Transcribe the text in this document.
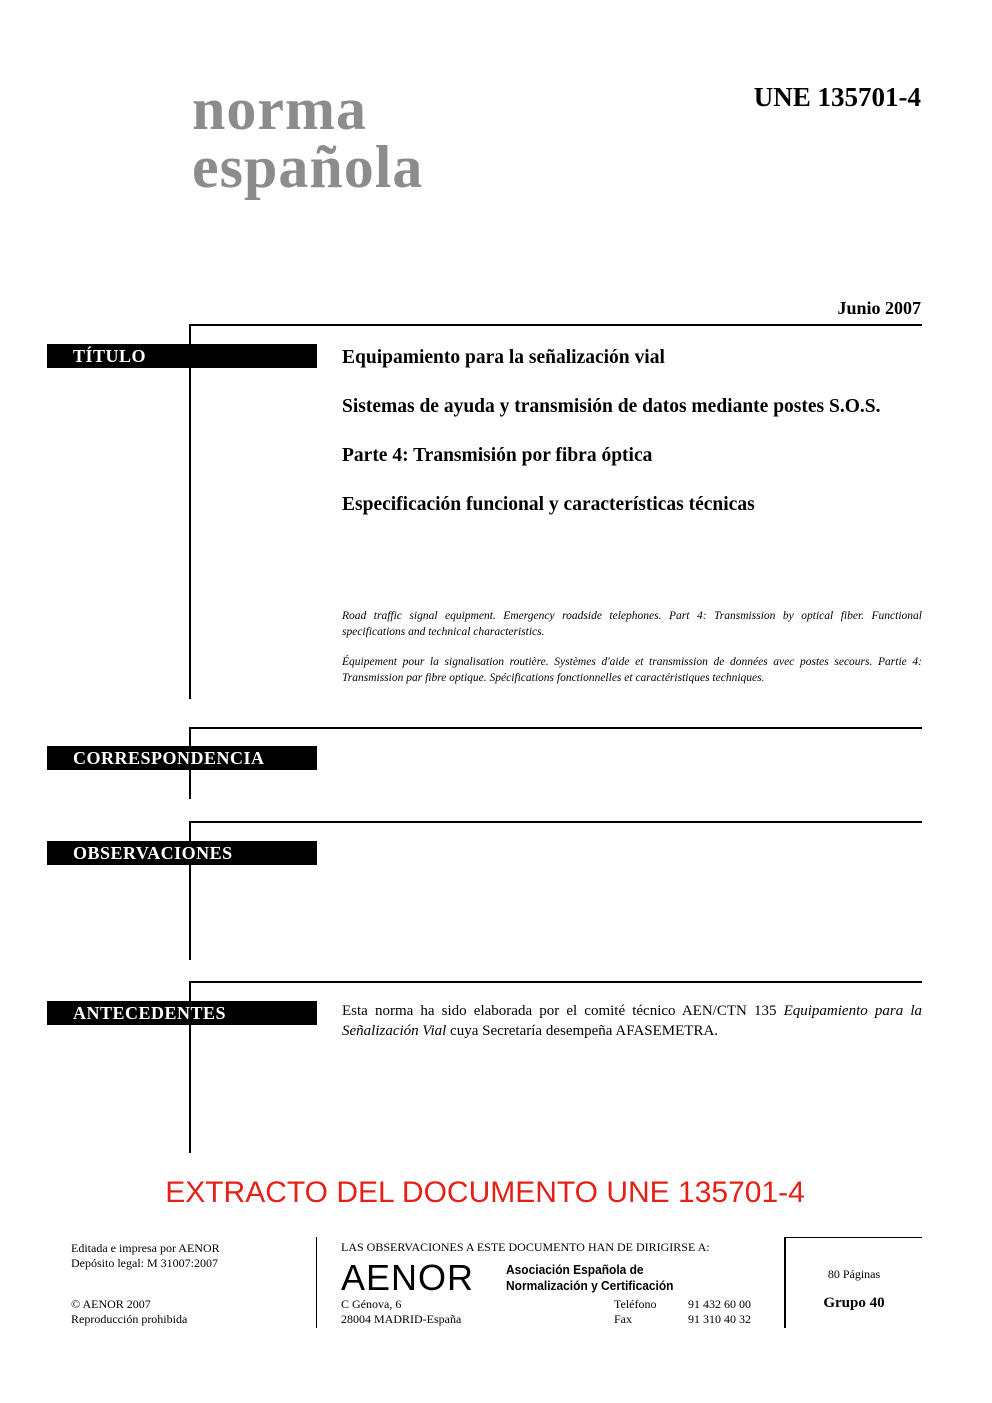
norma
española
UNE 135701-4
Junio 2007
TÍTULO	Equipamiento para la señalización vial

Sistemas de ayuda y transmisión de datos mediante postes S.O.S.

Parte 4: Transmisión por fibra óptica

Especificación funcional y características técnicas

Road traffic signal equipment. Emergency roadside telephones. Part 4: Transmission by optical fiber. Functional specifications and technical characteristics.

Équipement pour la signalisation routière. Systèmes d'aide et transmission de données avec postes secours. Partie 4: Transmission par fibre optique. Spécifications fonctionnelles et caractéristiques techniques.

CORRESPONDENCIA
OBSERVACIONES
ANTECEDENTES	Esta norma ha sido elaborada por el comité técnico AEN/CTN 135 Equipamiento para la Señalización Vial cuya Secretaría desempeña AFASEMETRA.
EXTRACTO DEL DOCUMENTO UNE 135701-4
Editada e impresa por AENOR
Depósito legal: M 31007:2007
© AENOR 2007
Reproducción prohibida
LAS OBSERVACIONES A ESTE DOCUMENTO HAN DE DIRIGIRSE A:
AENOR Asociación Española de
Normalización y Certificación
C Génova, 6
28004 MADRID-España
Teléfono
Fax
91 432 60 00
91 310 40 32
80 Páginas
Grupo 40
